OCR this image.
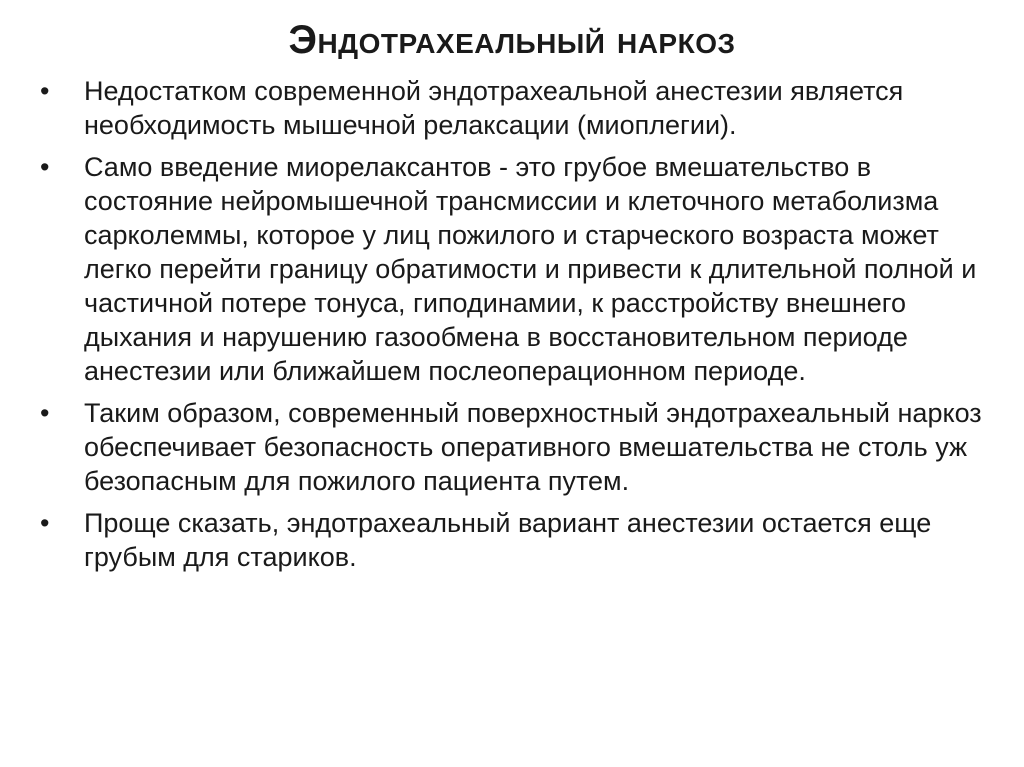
Эндотрахеальный наркоз
•	Недостатком современной эндотрахеальной анестезии является необходимость мышечной релаксации (миоплегии).
•	Само введение миорелаксантов - это грубое вмешательство в состояние нейромышечной трансмиссии и клеточного метаболизма сарколеммы, которое у лиц пожилого и старческого возраста может легко перейти границу обратимости и привести к длительной полной и частичной потере тонуса, гиподинамии, к расстройству внешнего дыхания и нарушению газообмена в восстановительном периоде анестезии или ближайшем послеоперационном периоде.
•	Таким образом, современный поверхностный эндотрахеальный наркоз обеспечивает безопасность оперативного вмешательства не столь уж безопасным для пожилого пациента путем.
•	Проще сказать, эндотрахеальный вариант анестезии остается еще грубым для стариков.
